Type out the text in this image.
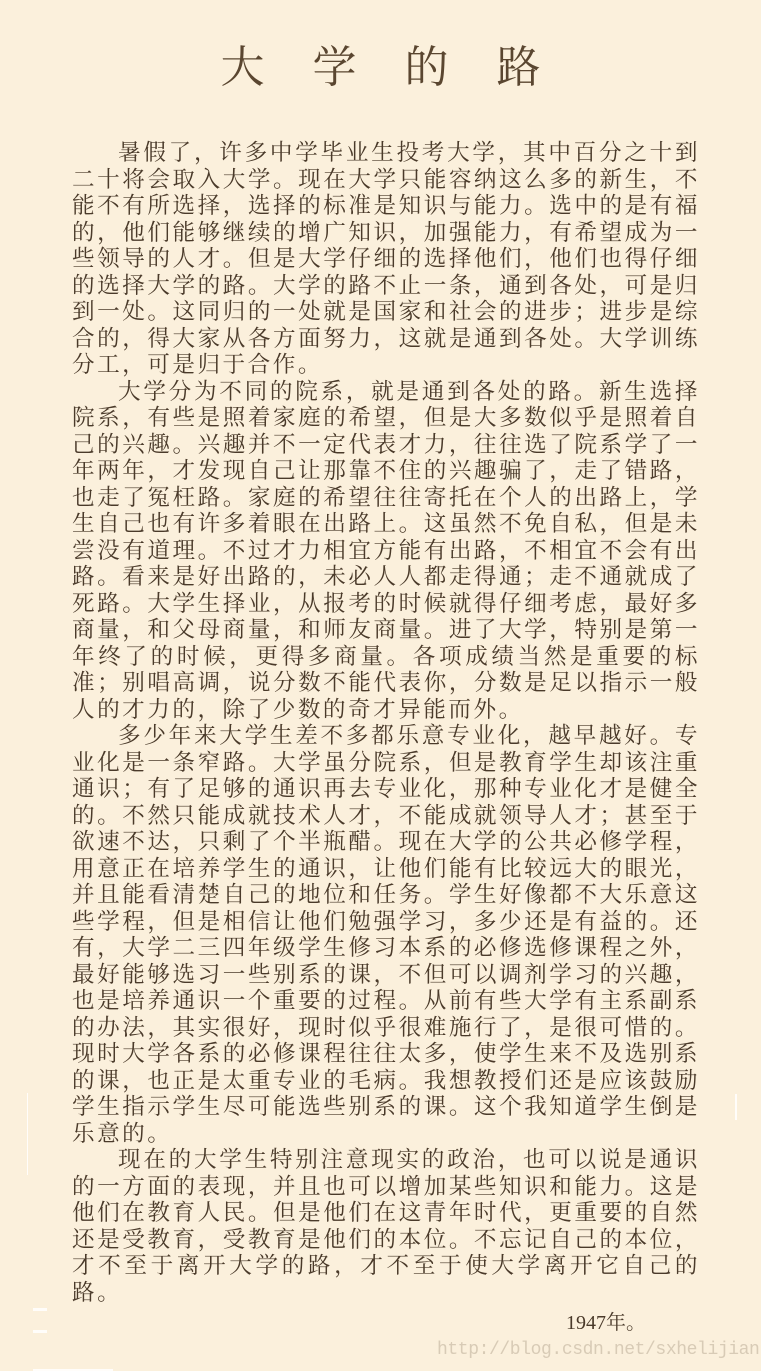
大学的路

暑假了，许多中学毕业生投考大学，其中百分之十到二十将会取入大学。现在大学只能容纳这么多的新生，不能不有所选择，选择的标准是知识与能力。选中的是有福的，他们能够继续的增广知识，加强能力，有希望成为一些领导的人才。但是大学仔细的选择他们，他们也得仔细的选择大学的路。大学的路不止一条，通到各处，可是归到一处。这同归的一处就是国家和社会的进步；进步是综合的，得大家从各方面努力，这就是通到各处。大学训练分工，可是归于合作。

大学分为不同的院系，就是通到各处的路。新生选择院系，有些是照着家庭的希望，但是大多数似乎是照着自己的兴趣。兴趣并不一定代表才力，往往选了院系学了一年两年，才发现自己让那靠不住的兴趣骗了，走了错路，也走了冤枉路。家庭的希望往往寄托在个人的出路上，学生自己也有许多着眼在出路上。这虽然不免自私，但是未尝没有道理。不过才力相宜方能有出路，不相宜不会有出路。看来是好出路的，未必人人都走得通；走不通就成了死路。大学生择业，从报考的时候就得仔细考虑，最好多商量，和父母商量，和师友商量。进了大学，特别是第一年终了的时候，更得多商量。各项成绩当然是重要的标准；别唱高调，说分数不能代表你，分数是足以指示一般人的才力的，除了少数的奇才异能而外。

多少年来大学生差不多都乐意专业化，越早越好。专业化是一条窄路。大学虽分院系，但是教育学生却该注重通识；有了足够的通识再去专业化，那种专业化才是健全的。不然只能成就技术人才，不能成就领导人才；甚至于欲速不达，只剩了个半瓶醋。现在大学的公共必修学程，用意正在培养学生的通识，让他们能有比较远大的眼光，并且能看清楚自己的地位和任务。学生好像都不大乐意这些学程，但是相信让他们勉强学习，多少还是有益的。还有，大学二三四年级学生修习本系的必修选修课程之外，最好能够选习一些别系的课，不但可以调剂学习的兴趣，也是培养通识一个重要的过程。从前有些大学有主系副系的办法，其实很好，现时似乎很难施行了，是很可惜的。现时大学各系的必修课程往往太多，使学生来不及选别系的课，也正是太重专业的毛病。我想教授们还是应该鼓励学生指示学生尽可能选些别系的课。这个我知道学生倒是乐意的。

现在的大学生特别注意现实的政治，也可以说是通识的一方面的表现，并且也可以增加某些知识和能力。这是他们在教育人民。但是他们在这青年时代，更重要的自然还是受教育，受教育是他们的本位。不忘记自己的本位，才不至于离开大学的路，才不至于使大学离开它自己的路。

1947年。
http://blog.csdn.net/sxhelijian
